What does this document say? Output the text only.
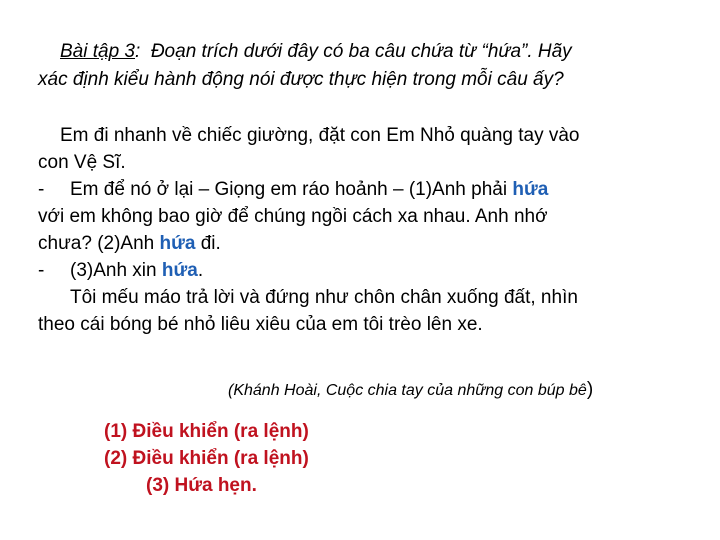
Bài tập 3:  Đoạn trích dưới đây có ba câu chứa từ “hứa”. Hãy
xác định kiểu hành động nói được thực hiện trong mỗi câu ấy?
Em đi nhanh về chiếc giường, đặt con Em Nhỏ quàng tay vào
con Vệ Sĩ.
- Em để nó ở lại – Giọng em ráo hoảnh – (1)Anh phải hứa
với em không bao giờ để chúng ngồi cách xa nhau. Anh nhớ
chưa? (2)Anh hứa đi.
- (3)Anh xin hứa.
Tôi mếu máo trả lời và đứng như chôn chân xuống đất, nhìn
theo cái bóng bé nhỏ liêu xiêu của em tôi trèo lên xe.
(Khánh Hoài, Cuộc chia tay của những con búp bê)
(1) Điều khiển (ra lệnh)
(2) Điều khiển (ra lệnh)
(3) Hứa hẹn.
